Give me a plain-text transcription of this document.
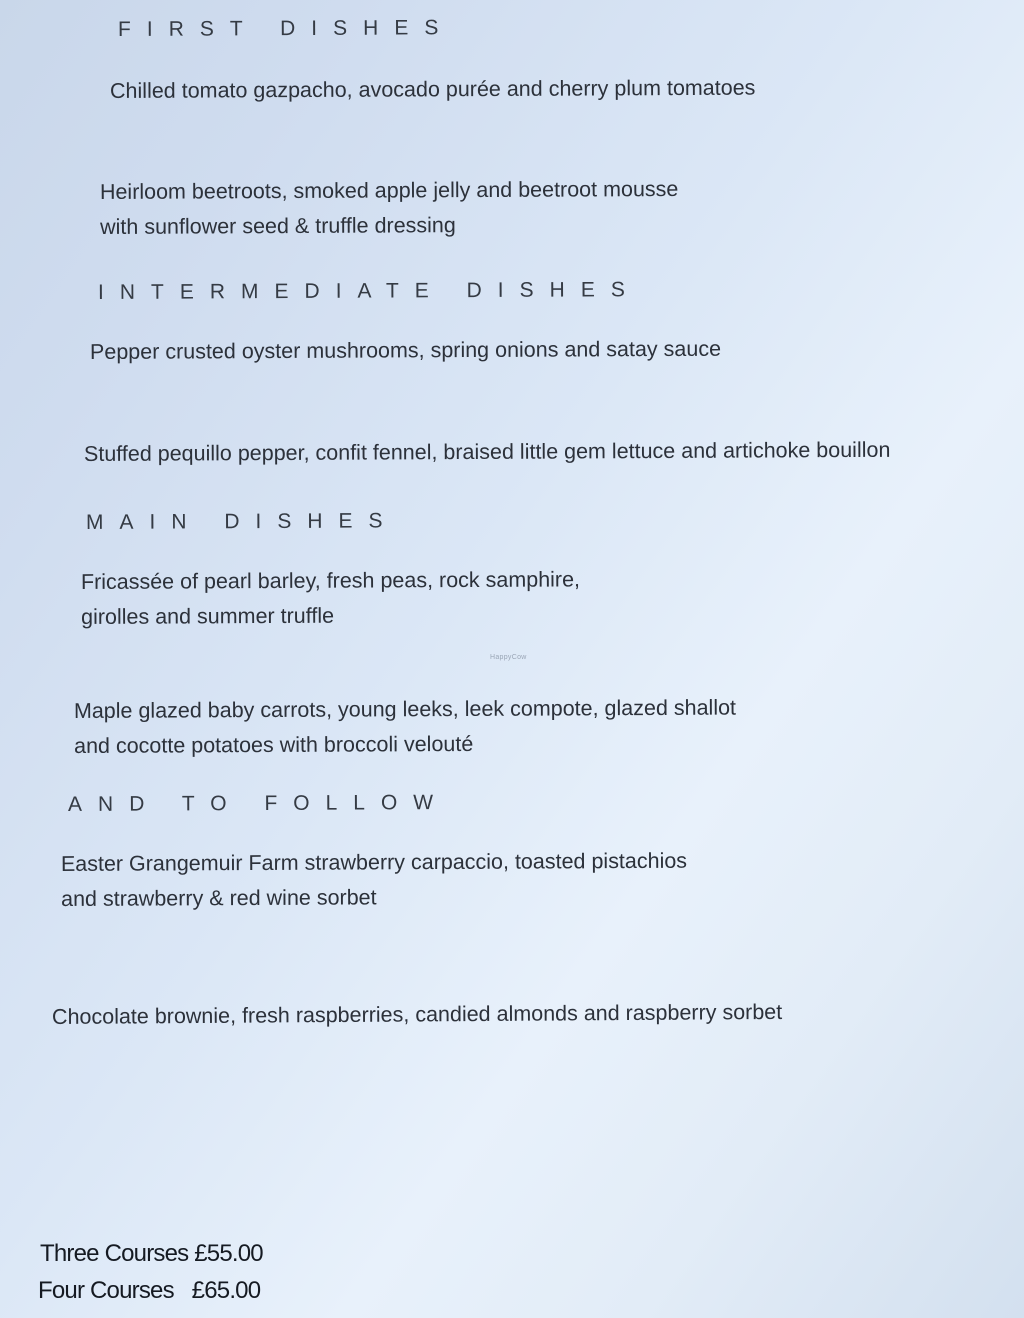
FIRST DISHES
Chilled tomato gazpacho, avocado purée and cherry plum tomatoes
Heirloom beetroots, smoked apple jelly and beetroot mousse
with sunflower seed & truffle dressing
INTERMEDIATE DISHES
Pepper crusted oyster mushrooms, spring onions and satay sauce
Stuffed pequillo pepper, confit fennel, braised little gem lettuce and artichoke bouillon
MAIN DISHES
Fricassée of pearl barley, fresh peas, rock samphire,
girolles and summer truffle
HappyCow
Maple glazed baby carrots, young leeks, leek compote, glazed shallot
and cocotte potatoes with broccoli velouté
AND TO FOLLOW
Easter Grangemuir Farm strawberry carpaccio, toasted pistachios
and strawberry & red wine sorbet
Chocolate brownie, fresh raspberries, candied almonds and raspberry sorbet
Three Courses £55.00
Four Courses £65.00
